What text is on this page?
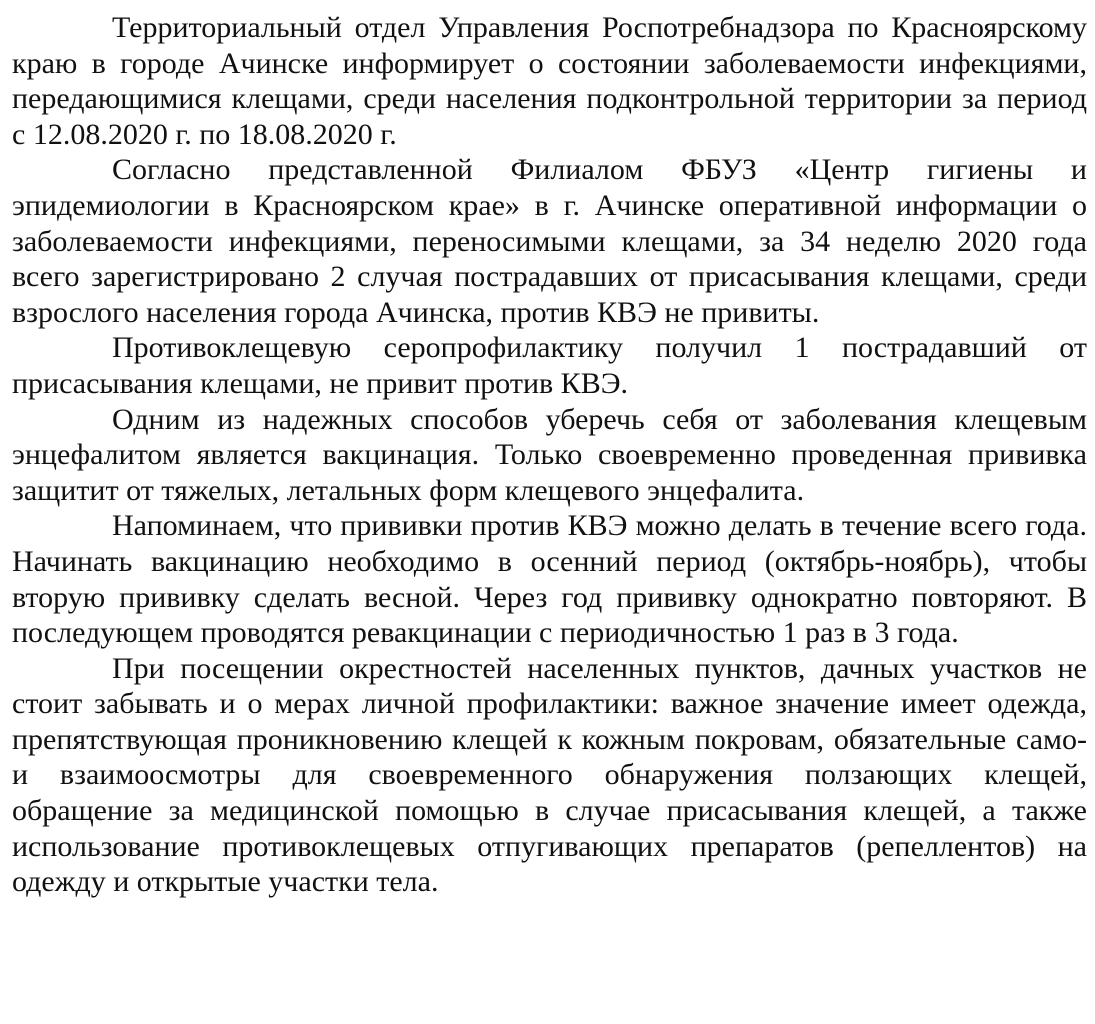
Территориальный отдел Управления Роспотребнадзора по Красноярскому краю в городе Ачинске информирует о состоянии заболеваемости инфекциями, передающимися клещами, среди населения подконтрольной территории за период с 12.08.2020 г. по 18.08.2020 г.

Согласно представленной Филиалом ФБУЗ «Центр гигиены и эпидемиологии в Красноярском крае» в г. Ачинске оперативной информации о заболеваемости инфекциями, переносимыми клещами, за 34 неделю 2020 года всего зарегистрировано 2 случая пострадавших от присасывания клещами, среди взрослого населения города Ачинска, против КВЭ не привиты.

Противоклещевую серопрофилактику получил 1 пострадавший от присасывания клещами, не привит против КВЭ.

Одним из надежных способов уберечь себя от заболевания клещевым энцефалитом является вакцинация. Только своевременно проведенная прививка защитит от тяжелых, летальных форм клещевого энцефалита.

Напоминаем, что прививки против КВЭ можно делать в течение всего года. Начинать вакцинацию необходимо в осенний период (октябрь-ноябрь), чтобы вторую прививку сделать весной. Через год прививку однократно повторяют. В последующем проводятся ревакцинации с периодичностью 1 раз в 3 года.

При посещении окрестностей населенных пунктов, дачных участков не стоит забывать и о мерах личной профилактики: важное значение имеет одежда, препятствующая проникновению клещей к кожным покровам, обязательные само- и взаимоосмотры для своевременного обнаружения ползающих клещей, обращение за медицинской помощью в случае присасывания клещей, а также использование противоклещевых отпугивающих препаратов (репеллентов) на одежду и открытые участки тела.
